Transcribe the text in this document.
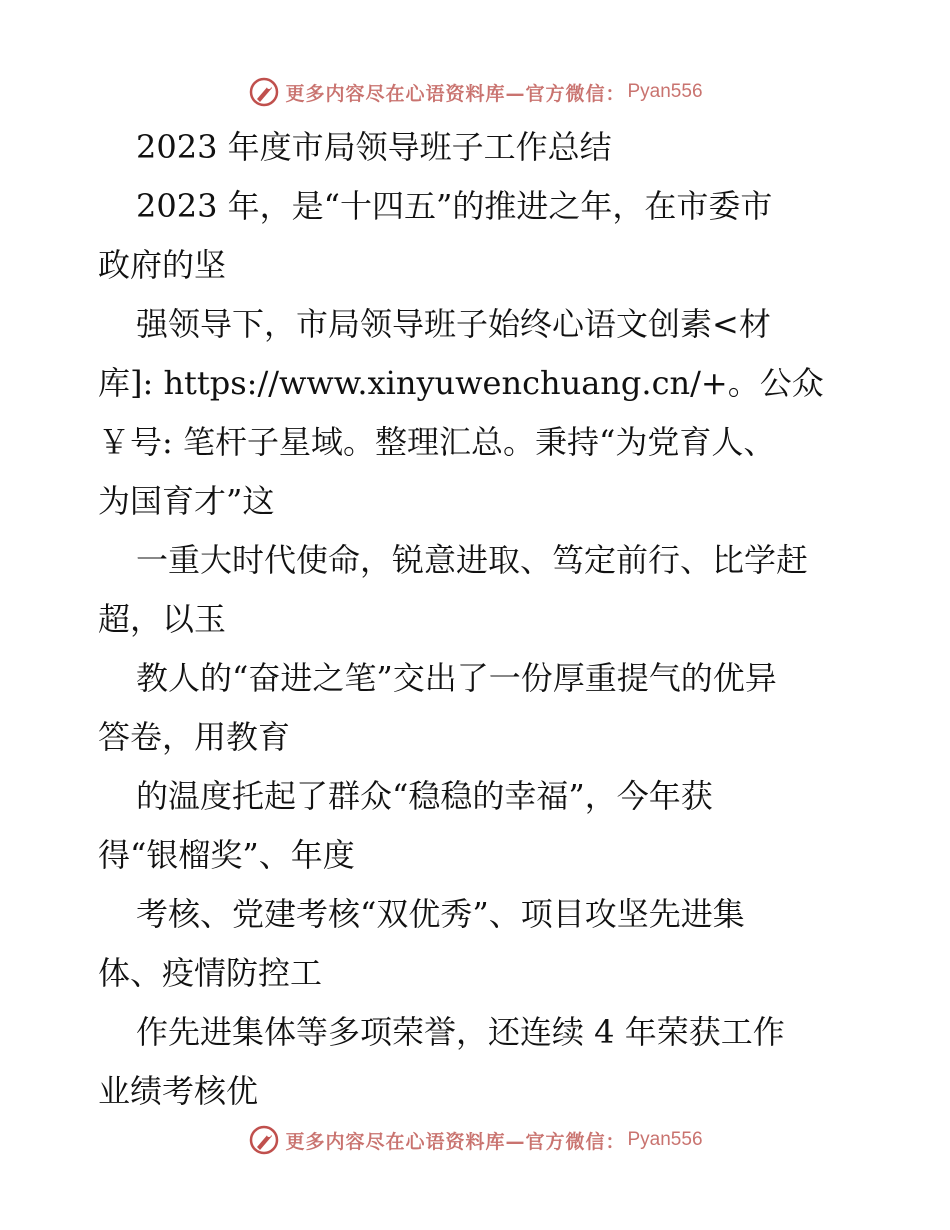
更多内容尽在心语资料库—官方微信： Pyan556
2023 年度市局领导班子工作总结
2023 年，是“十四五”的推进之年，在市委市
政府的坚
强领导下，市局领导班子始终心语文创素<材
库]: https://www.xinyuwenchuang.cn/+。公众
￥号: 笔杆子星域。整理汇总。秉持“为党育人、
为国育才”这
一重大时代使命，锐意进取、笃定前行、比学赶
超，以玉
教人的“奋进之笔”交出了一份厚重提气的优异
答卷，用教育
的温度托起了群众“稳稳的幸福”，今年获
得“银榴奖”、年度
考核、党建考核“双优秀”、项目攻坚先进集
体、疫情防控工
作先进集体等多项荣誉，还连续 4 年荣获工作
业绩考核优
更多内容尽在心语资料库—官方微信： Pyan556
